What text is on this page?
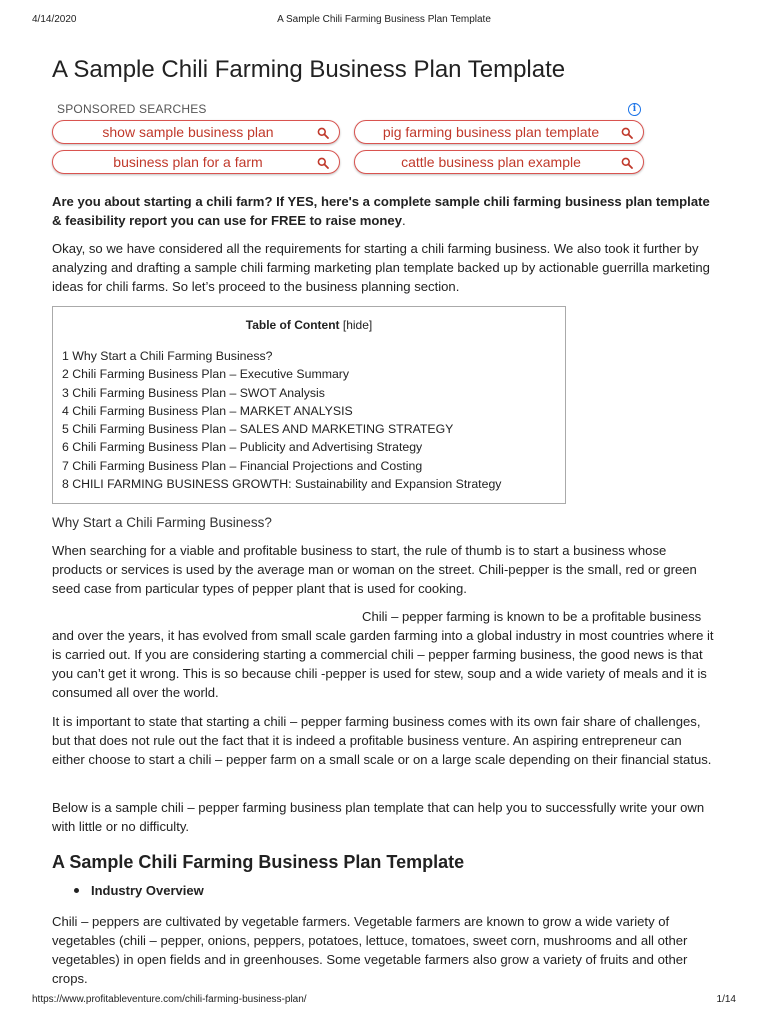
4/14/2020	A Sample Chili Farming Business Plan Template
A Sample Chili Farming Business Plan Template
SPONSORED SEARCHES	i
show sample business plan	pig farming business plan template
business plan for a farm	cattle business plan example

Are you about starting a chili farm? If YES, here's a complete sample chili farming business plan template & feasibility report you can use for FREE to raise money.

Okay, so we have considered all the requirements for starting a chili farming business. We also took it further by analyzing and drafting a sample chili farming marketing plan template backed up by actionable guerrilla marketing ideas for chili farms. So let’s proceed to the business planning section.

Table of Content [hide]
1 Why Start a Chili Farming Business?
2 Chili Farming Business Plan – Executive Summary
3 Chili Farming Business Plan – SWOT Analysis
4 Chili Farming Business Plan – MARKET ANALYSIS
5 Chili Farming Business Plan – SALES AND MARKETING STRATEGY
6 Chili Farming Business Plan – Publicity and Advertising Strategy
7 Chili Farming Business Plan – Financial Projections and Costing
8 CHILI FARMING BUSINESS GROWTH: Sustainability and Expansion Strategy
Why Start a Chili Farming Business?

When searching for a viable and profitable business to start, the rule of thumb is to start a business whose products or services is used by the average man or woman on the street. Chili-pepper is the small, red or green seed case from particular types of pepper plant that is used for cooking.

Chili – pepper farming is known to be a profitable business and over the years, it has evolved from small scale garden farming into a global industry in most countries where it is carried out. If you are considering starting a commercial chili – pepper farming business, the good news is that you can’t get it wrong. This is so because chili -pepper is used for stew, soup and a wide variety of meals and it is consumed all over the world.

It is important to state that starting a chili – pepper farming business comes with its own fair share of challenges, but that does not rule out the fact that it is indeed a profitable business venture. An aspiring entrepreneur can either choose to start a chili – pepper farm on a small scale or on a large scale depending on their financial status.

Below is a sample chili – pepper farming business plan template that can help you to successfully write your own with little or no difficulty.

A Sample Chili Farming Business Plan Template
Industry Overview

Chili – peppers are cultivated by vegetable farmers. Vegetable farmers are known to grow a wide variety of vegetables (chili – pepper, onions, peppers, potatoes, lettuce, tomatoes, sweet corn, mushrooms and all other vegetables) in open fields and in greenhouses. Some vegetable farmers also grow a variety of fruits and other crops.

https://www.profitableventure.com/chili-farming-business-plan/	1/14
